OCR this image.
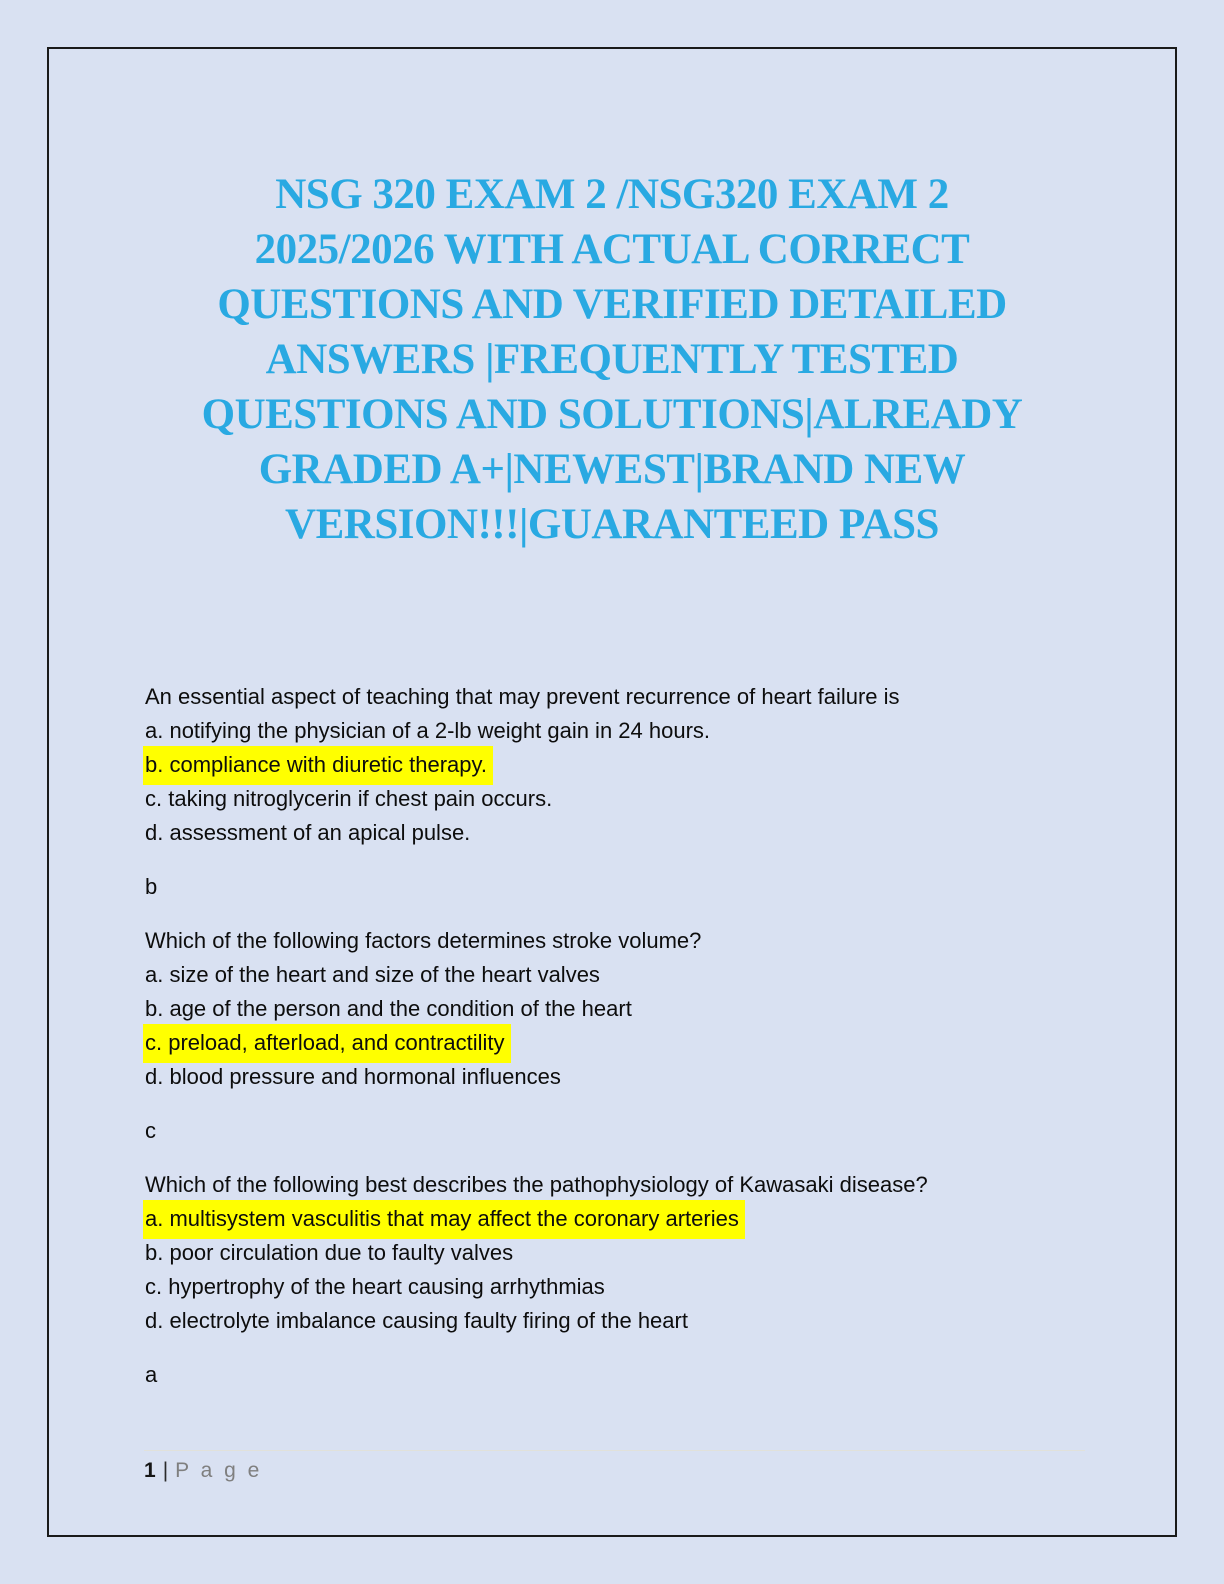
NSG 320 EXAM 2 /NSG320 EXAM 2
2025/2026 WITH ACTUAL CORRECT
QUESTIONS AND VERIFIED DETAILED
ANSWERS |FREQUENTLY TESTED
QUESTIONS AND SOLUTIONS|ALREADY
GRADED A+|NEWEST|BRAND NEW
VERSION!!!|GUARANTEED PASS

An essential aspect of teaching that may prevent recurrence of heart failure is

a. notifying the physician of a 2-lb weight gain in 24 hours.

b. compliance with diuretic therapy.

c. taking nitroglycerin if chest pain occurs.

d. assessment of an apical pulse.

b

Which of the following factors determines stroke volume?

a. size of the heart and size of the heart valves

b. age of the person and the condition of the heart

c. preload, afterload, and contractility

d. blood pressure and hormonal influences

c

Which of the following best describes the pathophysiology of Kawasaki disease?

a. multisystem vasculitis that may affect the coronary arteries

b. poor circulation due to faulty valves

c. hypertrophy of the heart causing arrhythmias

d. electrolyte imbalance causing faulty firing of the heart

a

1 | P a g e
